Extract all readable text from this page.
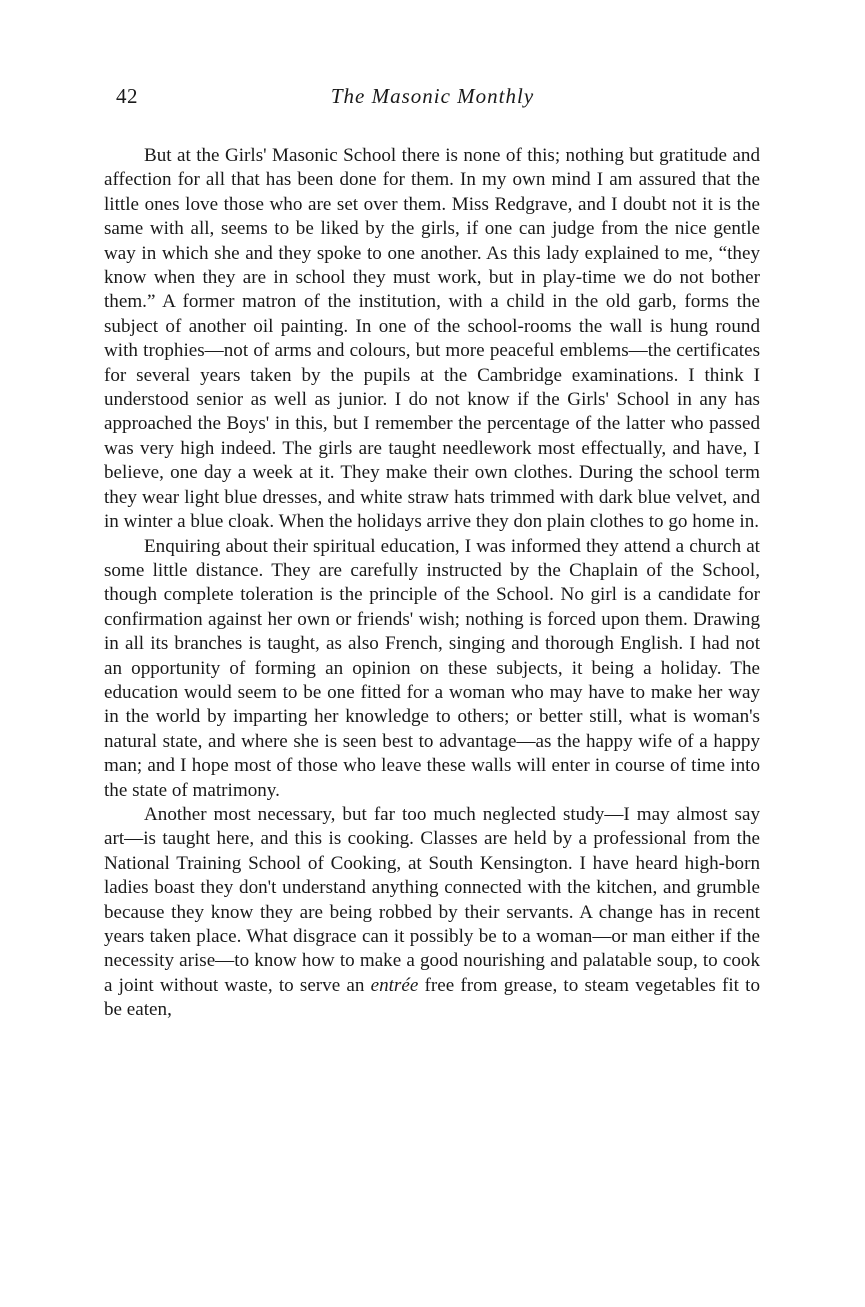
42	The Masonic Monthly

But at the Girls' Masonic School there is none of this; nothing but gratitude and affection for all that has been done for them. In my own mind I am assured that the little ones love those who are set over them. Miss Redgrave, and I doubt not it is the same with all, seems to be liked by the girls, if one can judge from the nice gentle way in which she and they spoke to one another. As this lady explained to me, “they know when they are in school they must work, but in play-time we do not bother them.” A former matron of the institution, with a child in the old garb, forms the subject of another oil painting. In one of the school-rooms the wall is hung round with trophies—not of arms and colours, but more peaceful emblems—the certificates for several years taken by the pupils at the Cambridge examinations. I think I understood senior as well as junior. I do not know if the Girls' School in any has approached the Boys' in this, but I remember the percentage of the latter who passed was very high indeed. The girls are taught needlework most effectually, and have, I believe, one day a week at it. They make their own clothes. During the school term they wear light blue dresses, and white straw hats trimmed with dark blue velvet, and in winter a blue cloak. When the holidays arrive they don plain clothes to go home in.

Enquiring about their spiritual education, I was informed they attend a church at some little distance. They are carefully instructed by the Chaplain of the School, though complete toleration is the principle of the School. No girl is a candidate for confirmation against her own or friends' wish; nothing is forced upon them. Drawing in all its branches is taught, as also French, singing and thorough English. I had not an opportunity of forming an opinion on these subjects, it being a holiday. The education would seem to be one fitted for a woman who may have to make her way in the world by imparting her knowledge to others; or better still, what is woman's natural state, and where she is seen best to advantage—as the happy wife of a happy man; and I hope most of those who leave these walls will enter in course of time into the state of matrimony.

Another most necessary, but far too much neglected study—I may almost say art—is taught here, and this is cooking. Classes are held by a professional from the National Training School of Cooking, at South Kensington. I have heard high-born ladies boast they don't understand anything connected with the kitchen, and grumble because they know they are being robbed by their servants. A change has in recent years taken place. What disgrace can it possibly be to a woman—or man either if the necessity arise—to know how to make a good nourishing and palatable soup, to cook a joint without waste, to serve an entrée free from grease, to steam vegetables fit to be eaten,
